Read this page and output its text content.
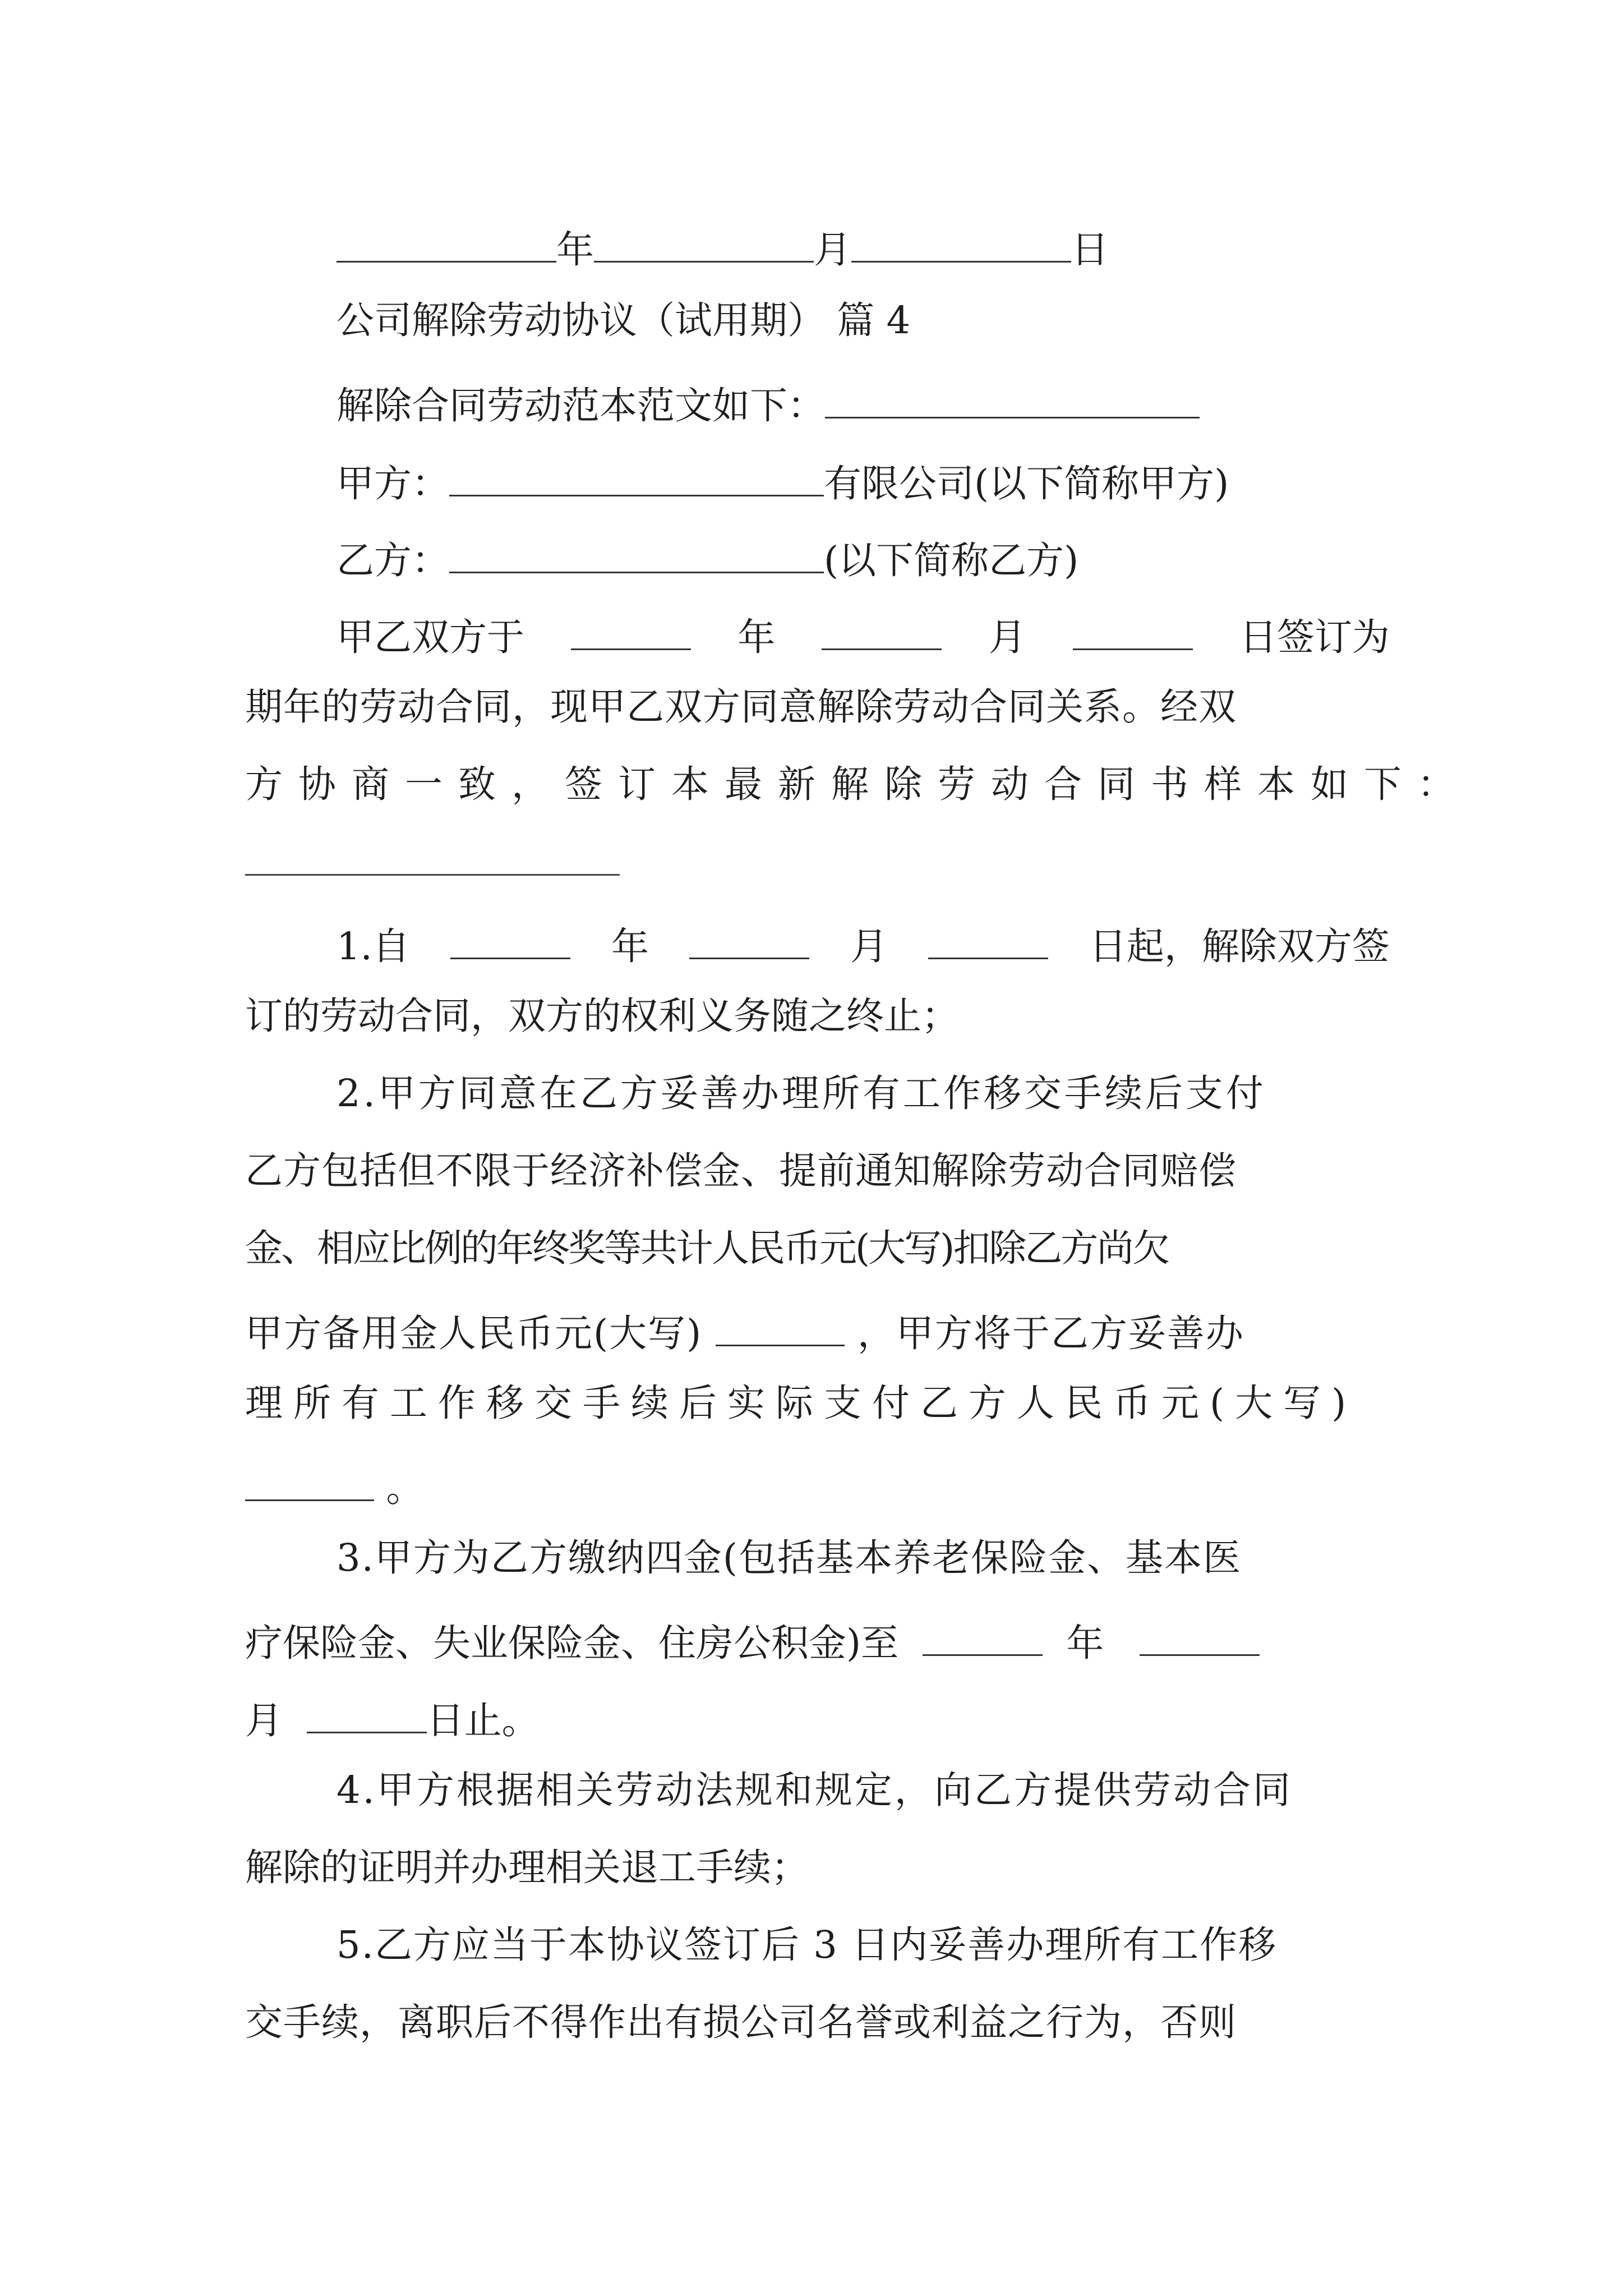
年	月	日
公司解除劳动协议（试用期） 篇 4
解除合同劳动范本范文如下：
甲方：	有限公司(以下简称甲方)
乙方：	(以下简称乙方)
甲乙双方于	年	月	日签订为
期年的劳动合同，现甲乙双方同意解除劳动合同关系。经双
方协商一致，签订本最新解除劳动合同书样本如下：
1.自	年	月	日起，解除双方签
订的劳动合同，双方的权利义务随之终止；
2.甲方同意在乙方妥善办理所有工作移交手续后支付
乙方包括但不限于经济补偿金、提前通知解除劳动合同赔偿
金、相应比例的年终奖等共计人民币元(大写)扣除乙方尚欠
甲方备用金人民币元(大写)	，甲方将于乙方妥善办
理所有工作移交手续后实际支付乙方人民币元(大写)
。
3.甲方为乙方缴纳四金(包括基本养老保险金、基本医
疗保险金、失业保险金、住房公积金)至	年
月	日止。
4.甲方根据相关劳动法规和规定，向乙方提供劳动合同
解除的证明并办理相关退工手续；
5.乙方应当于本协议签订后 3 日内妥善办理所有工作移
交手续，离职后不得作出有损公司名誉或利益之行为，否则
